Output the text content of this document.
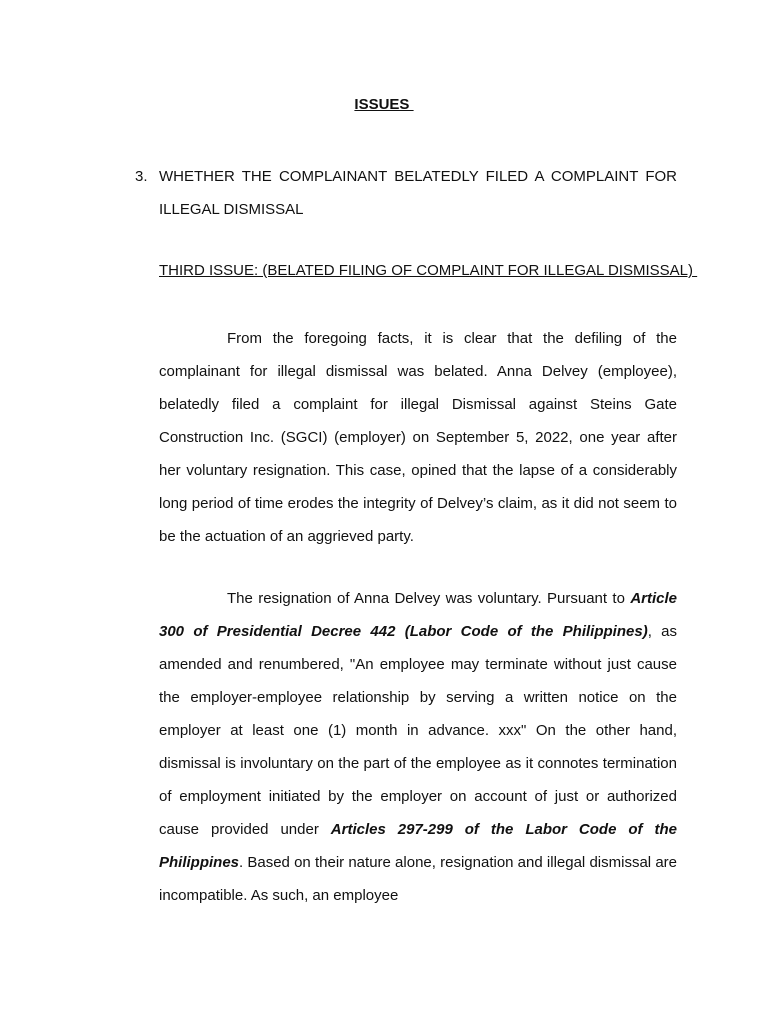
ISSUES
3. WHETHER THE COMPLAINANT BELATEDLY FILED A COMPLAINT FOR ILLEGAL DISMISSAL
THIRD ISSUE: (BELATED FILING OF COMPLAINT FOR ILLEGAL DISMISSAL)

From the foregoing facts, it is clear that the defiling of the complainant for illegal dismissal was belated. Anna Delvey (employee), belatedly filed a complaint for illegal Dismissal against Steins Gate Construction Inc. (SGCI) (employer) on September 5, 2022, one year after her voluntary resignation. This case, opined that the lapse of a considerably long period of time erodes the integrity of Delvey’s claim, as it did not seem to be the actuation of an aggrieved party.

The resignation of Anna Delvey was voluntary. Pursuant to Article 300 of Presidential Decree 442 (Labor Code of the Philippines), as amended and renumbered, "An employee may terminate without just cause the employer-employee relationship by serving a written notice on the employer at least one (1) month in advance. xxx" On the other hand, dismissal is involuntary on the part of the employee as it connotes termination of employment initiated by the employer on account of just or authorized cause provided under Articles 297-299 of the Labor Code of the Philippines. Based on their nature alone, resignation and illegal dismissal are incompatible. As such, an employee
